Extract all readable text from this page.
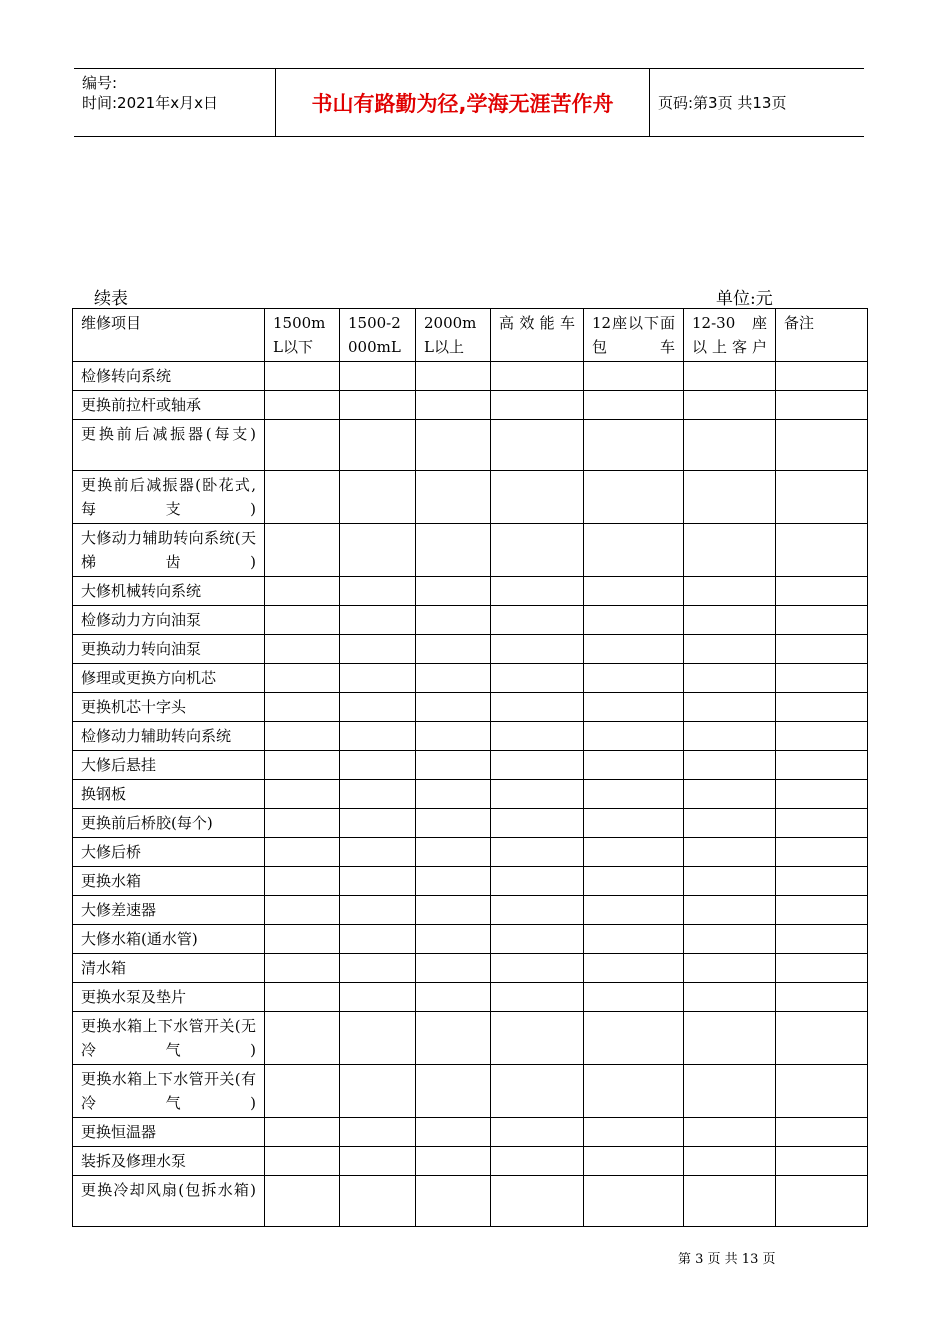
编号:
时间:2021年x月x日	书山有路勤为径,学海无涯苦作舟	页码:第3页 共13页
续表	单位:元
维修项目	1500mL以下	1500-2000mL	2000mL以上	高效能车	12座以下面包车	12-30 座以上客户	备注
检修转向系统							
更换前拉杆或轴承							
更换前后减振器(每支)							
更换前后减振器(卧花式,每支)							
大修动力辅助转向系统(天梯齿)							
大修机械转向系统							
检修动力方向油泵							
更换动力转向油泵							
修理或更换方向机芯							
更换机芯十字头							
检修动力辅助转向系统							
大修后悬挂							
换钢板							
更换前后桥胶(每个)							
大修后桥							
更换水箱							
大修差速器							
大修水箱(通水管)							
清水箱							
更换水泵及垫片							
更换水箱上下水管开关(无冷气)							
更换水箱上下水管开关(有冷气)							
更换恒温器							
装拆及修理水泵							
更换冷却风扇(包拆水箱)							
第 3 页 共 13 页
